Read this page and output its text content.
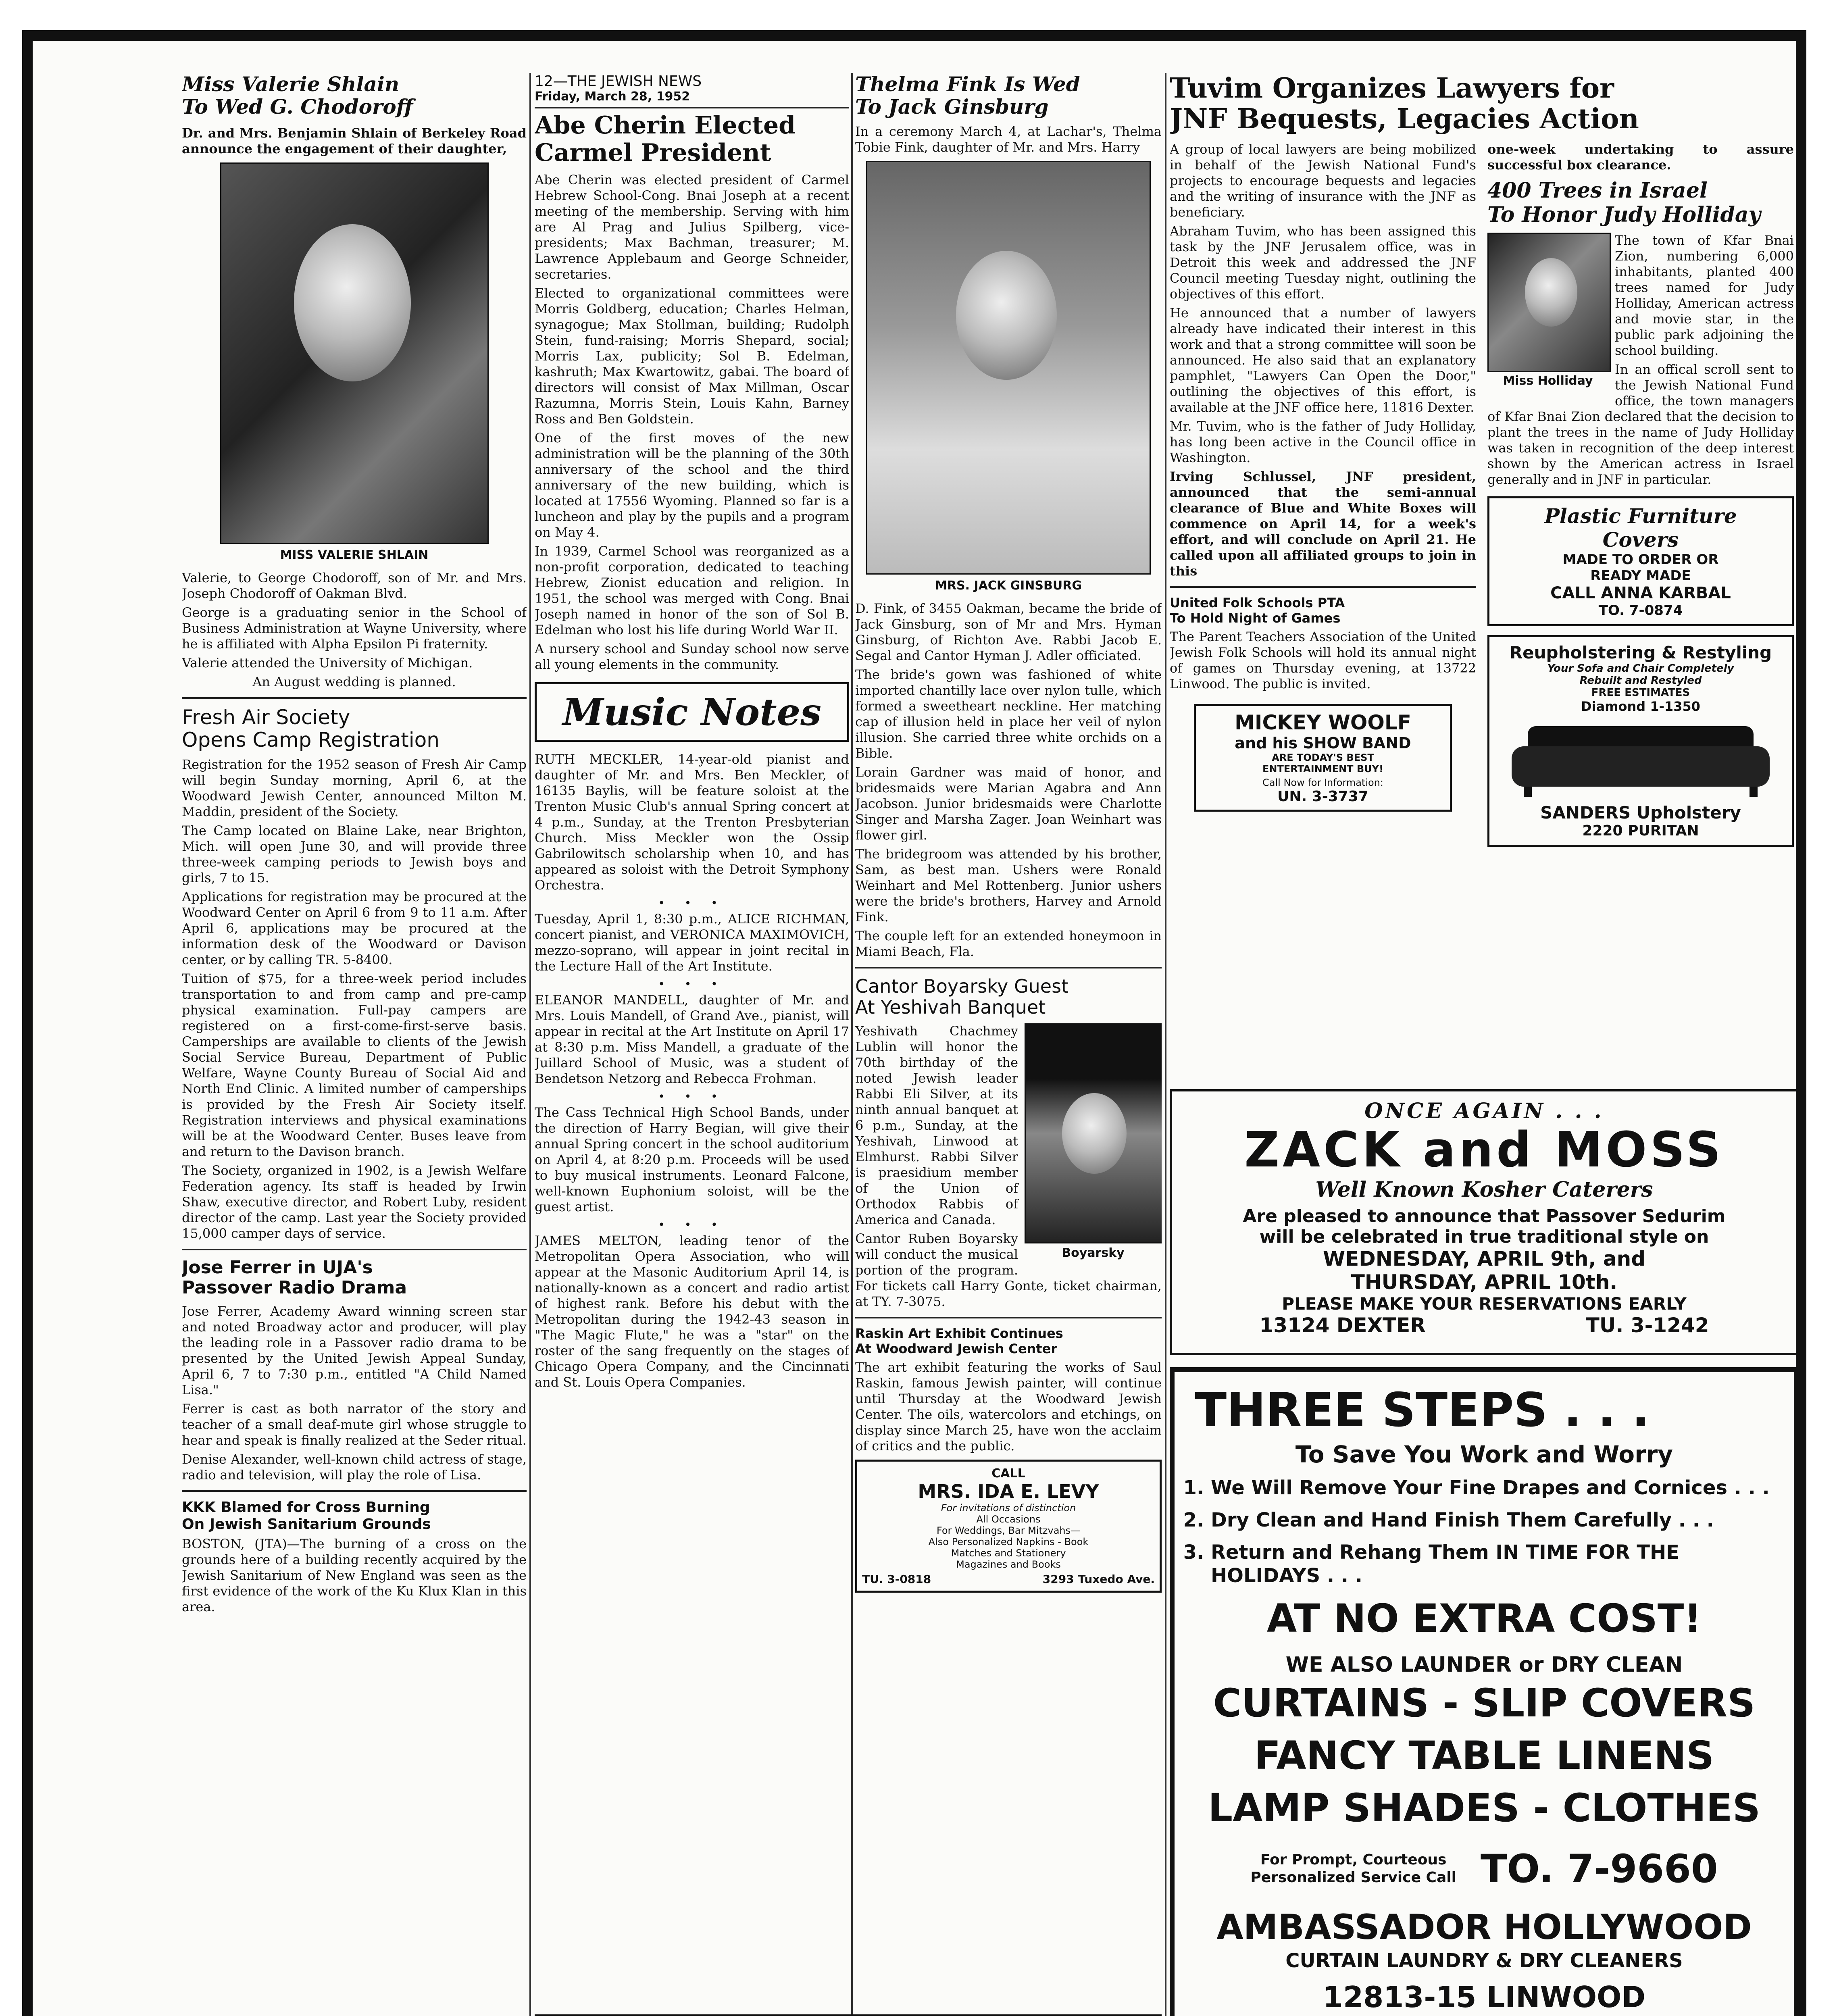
Miss Valerie Shlain
To Wed G. Chodoroff

Dr. and Mrs. Benjamin Shlain of Berkeley Road announce the engagement of their daughter,

MISS VALERIE SHLAIN

Valerie, to George Chodoroff, son of Mr. and Mrs. Joseph Chodoroff of Oakman Blvd.

George is a graduating senior in the School of Business Administration at Wayne University, where he is affiliated with Alpha Epsilon Pi fraternity.

Valerie attended the University of Michigan.

An August wedding is planned.

Fresh Air Society
Opens Camp Registration

Registration for the 1952 season of Fresh Air Camp will begin Sunday morning, April 6, at the Woodward Jewish Center, announced Milton M. Maddin, president of the Society.

The Camp located on Blaine Lake, near Brighton, Mich. will open June 30, and will provide three three-week camping periods to Jewish boys and girls, 7 to 15.

Applications for registration may be procured at the Woodward Center on April 6 from 9 to 11 a.m. After April 6, applications may be procured at the information desk of the Woodward or Davison center, or by calling TR. 5-8400.

Tuition of $75, for a three-week period includes transportation to and from camp and pre-camp physical examination. Full-pay campers are registered on a first-come-first-serve basis. Camperships are available to clients of the Jewish Social Service Bureau, Department of Public Welfare, Wayne County Bureau of Social Aid and North End Clinic. A limited number of camperships is provided by the Fresh Air Society itself. Registration interviews and physical examinations will be at the Woodward Center. Buses leave from and return to the Davison branch.

The Society, organized in 1902, is a Jewish Welfare Federation agency. Its staff is headed by Irwin Shaw, executive director, and Robert Luby, resident director of the camp. Last year the Society provided 15,000 camper days of service.

Jose Ferrer in UJA's
Passover Radio Drama

Jose Ferrer, Academy Award winning screen star and noted Broadway actor and producer, will play the leading role in a Passover radio drama to be presented by the United Jewish Appeal Sunday, April 6, 7 to 7:30 p.m., entitled "A Child Named Lisa."

Ferrer is cast as both narrator of the story and teacher of a small deaf-mute girl whose struggle to hear and speak is finally realized at the Seder ritual.

Denise Alexander, well-known child actress of stage, radio and television, will play the role of Lisa.

KKK Blamed for Cross Burning
On Jewish Sanitarium Grounds

BOSTON, (JTA)—The burning of a cross on the grounds here of a building recently acquired by the Jewish Sanitarium of New England was seen as the first evidence of the work of the Ku Klux Klan in this area.

12—THE JEWISH NEWS
Friday, March 28, 1952
Abe Cherin Elected Carmel President

Abe Cherin was elected president of Carmel Hebrew School-Cong. Bnai Joseph at a recent meeting of the membership. Serving with him are Al Prag and Julius Spilberg, vice-presidents; Max Bachman, treasurer; M. Lawrence Applebaum and George Schneider, secretaries.

Elected to organizational committees were Morris Goldberg, education; Charles Helman, synagogue; Max Stollman, building; Rudolph Stein, fund-raising; Morris Shepard, social; Morris Lax, publicity; Sol B. Edelman, kashruth; Max Kwartowitz, gabai. The board of directors will consist of Max Millman, Oscar Razumna, Morris Stein, Louis Kahn, Barney Ross and Ben Goldstein.

One of the first moves of the new administration will be the planning of the 30th anniversary of the school and the third anniversary of the new building, which is located at 17556 Wyoming. Planned so far is a luncheon and play by the pupils and a program on May 4.

In 1939, Carmel School was reorganized as a non-profit corporation, dedicated to teaching Hebrew, Zionist education and religion. In 1951, the school was merged with Cong. Bnai Joseph named in honor of the son of Sol B. Edelman who lost his life during World War II.

A nursery school and Sunday school now serve all young elements in the community.

Music Notes

RUTH MECKLER, 14-year-old pianist and daughter of Mr. and Mrs. Ben Meckler, of 16135 Baylis, will be feature soloist at the Trenton Music Club's annual Spring concert at 4 p.m., Sunday, at the Trenton Presbyterian Church. Miss Meckler won the Ossip Gabrilowitsch scholarship when 10, and has appeared as soloist with the Detroit Symphony Orchestra.

• • •

Tuesday, April 1, 8:30 p.m., ALICE RICHMAN, concert pianist, and VERONICA MAXIMOVICH, mezzo-soprano, will appear in joint recital in the Lecture Hall of the Art Institute.

• • •

ELEANOR MANDELL, daughter of Mr. and Mrs. Louis Mandell, of Grand Ave., pianist, will appear in recital at the Art Institute on April 17 at 8:30 p.m. Miss Mandell, a graduate of the Juillard School of Music, was a student of Bendetson Netzorg and Rebecca Frohman.

• • •

The Cass Technical High School Bands, under the direction of Harry Begian, will give their annual Spring concert in the school auditorium on April 4, at 8:20 p.m. Proceeds will be used to buy musical instruments. Leonard Falcone, well-known Euphonium soloist, will be the guest artist.

• • •

JAMES MELTON, leading tenor of the Metropolitan Opera Association, who will appear at the Masonic Auditorium April 14, is nationally-known as a concert and radio artist of highest rank. Before his debut with the Metropolitan during the 1942-43 season in "The Magic Flute," he was a "star" on the roster of the sang frequently on the stages of Chicago Opera Company, and the Cincinnati and St. Louis Opera Companies.

Thelma Fink Is Wed
To Jack Ginsburg

In a ceremony March 4, at Lachar's, Thelma Tobie Fink, daughter of Mr. and Mrs. Harry

MRS. JACK GINSBURG

D. Fink, of 3455 Oakman, became the bride of Jack Ginsburg, son of Mr and Mrs. Hyman Ginsburg, of Richton Ave. Rabbi Jacob E. Segal and Cantor Hyman J. Adler officiated.

The bride's gown was fashioned of white imported chantilly lace over nylon tulle, which formed a sweetheart neckline. Her matching cap of illusion held in place her veil of nylon illusion. She carried three white orchids on a Bible.

Lorain Gardner was maid of honor, and bridesmaids were Marian Agabra and Ann Jacobson. Junior bridesmaids were Charlotte Singer and Marsha Zager. Joan Weinhart was flower girl.

The bridegroom was attended by his brother, Sam, as best man. Ushers were Ronald Weinhart and Mel Rottenberg. Junior ushers were the bride's brothers, Harvey and Arnold Fink.

The couple left for an extended honeymoon in Miami Beach, Fla.

Cantor Boyarsky Guest
At Yeshivah Banquet
Boyarsky

Yeshivath Chachmey Lublin will honor the 70th birthday of the noted Jewish leader Rabbi Eli Silver, at its ninth annual banquet at 6 p.m., Sunday, at the Yeshivah, Linwood at Elmhurst. Rabbi Silver is praesidium member of the Union of Orthodox Rabbis of America and Canada.

Cantor Ruben Boyarsky will conduct the musical portion of the program. For tickets call Harry Gonte, ticket chairman, at TY. 7-3075.

Raskin Art Exhibit Continues
At Woodward Jewish Center

The art exhibit featuring the works of Saul Raskin, famous Jewish painter, will continue until Thursday at the Woodward Jewish Center. The oils, watercolors and etchings, on display since March 25, have won the acclaim of critics and the public.

CALL
MRS. IDA E. LEVY
For invitations of distinction
All Occasions
For Weddings, Bar Mitzvahs—
Also Personalized Napkins - Book
Matches and Stationery
Magazines and Books
TU. 3-0818	3293 Tuxedo Ave.
Tuvim Organizes Lawyers for
JNF Bequests, Legacies Action

A group of local lawyers are being mobilized in behalf of the Jewish National Fund's projects to encourage bequests and legacies and the writing of insurance with the JNF as beneficiary.

Abraham Tuvim, who has been assigned this task by the JNF Jerusalem office, was in Detroit this week and addressed the JNF Council meeting Tuesday night, outlining the objectives of this effort.

He announced that a number of lawyers already have indicated their interest in this work and that a strong committee will soon be announced. He also said that an explanatory pamphlet, "Lawyers Can Open the Door," outlining the objectives of this effort, is available at the JNF office here, 11816 Dexter.

Mr. Tuvim, who is the father of Judy Holliday, has long been active in the Council office in Washington.

Irving Schlussel, JNF president, announced that the semi-annual clearance of Blue and White Boxes will commence on April 14, for a week's effort, and will conclude on April 21. He called upon all affiliated groups to join in this

United Folk Schools PTA
To Hold Night of Games

The Parent Teachers Association of the United Jewish Folk Schools will hold its annual night of games on Thursday evening, at 13722 Linwood. The public is invited.

MICKEY WOOLF
and his SHOW BAND
ARE TODAY'S BEST
ENTERTAINMENT BUY!
Call Now for Information:
UN. 3-3737

one-week undertaking to assure successful box clearance.

400 Trees in Israel
To Honor Judy Holliday
Miss Holliday

The town of Kfar Bnai Zion, numbering 6,000 inhabitants, planted 400 trees named for Judy Holliday, American actress and movie star, in the public park adjoining the school building.

In an offical scroll sent to the Jewish National Fund office, the town managers of Kfar Bnai Zion declared that the decision to plant the trees in the name of Judy Holliday was taken in recognition of the deep interest shown by the American actress in Israel generally and in JNF in particular.

Plastic Furniture
Covers
MADE TO ORDER OR
READY MADE
CALL ANNA KARBAL
TO. 7-0874
Reupholstering & Restyling
Your Sofa and Chair Completely
Rebuilt and Restyled
FREE ESTIMATES
Diamond 1-1350
SANDERS Upholstery
2220 PURITAN
ONCE AGAIN . . .
ZACK and MOSS
Well Known Kosher Caterers
Are pleased to announce that Passover Sedurim
will be celebrated in true traditional style on
WEDNESDAY, APRIL 9th, and
THURSDAY, APRIL 10th.
PLEASE MAKE YOUR RESERVATIONS EARLY
13124 DEXTER	TU. 3-1242
THREE STEPS . . .
To Save You Work and Worry
1. We Will Remove Your Fine Drapes and Cornices . . .
2. Dry Clean and Hand Finish Them Carefully . . .
3. Return and Rehang Them IN TIME FOR THE HOLIDAYS . . .
AT NO EXTRA COST!
WE ALSO LAUNDER or DRY CLEAN
CURTAINS - SLIP COVERS
FANCY TABLE LINENS
LAMP SHADES - CLOTHES
For Prompt, Courteous
Personalized Service Call TO. 7-9660
AMBASSADOR HOLLYWOOD
CURTAIN LAUNDRY & DRY CLEANERS
12813-15 LINWOOD
